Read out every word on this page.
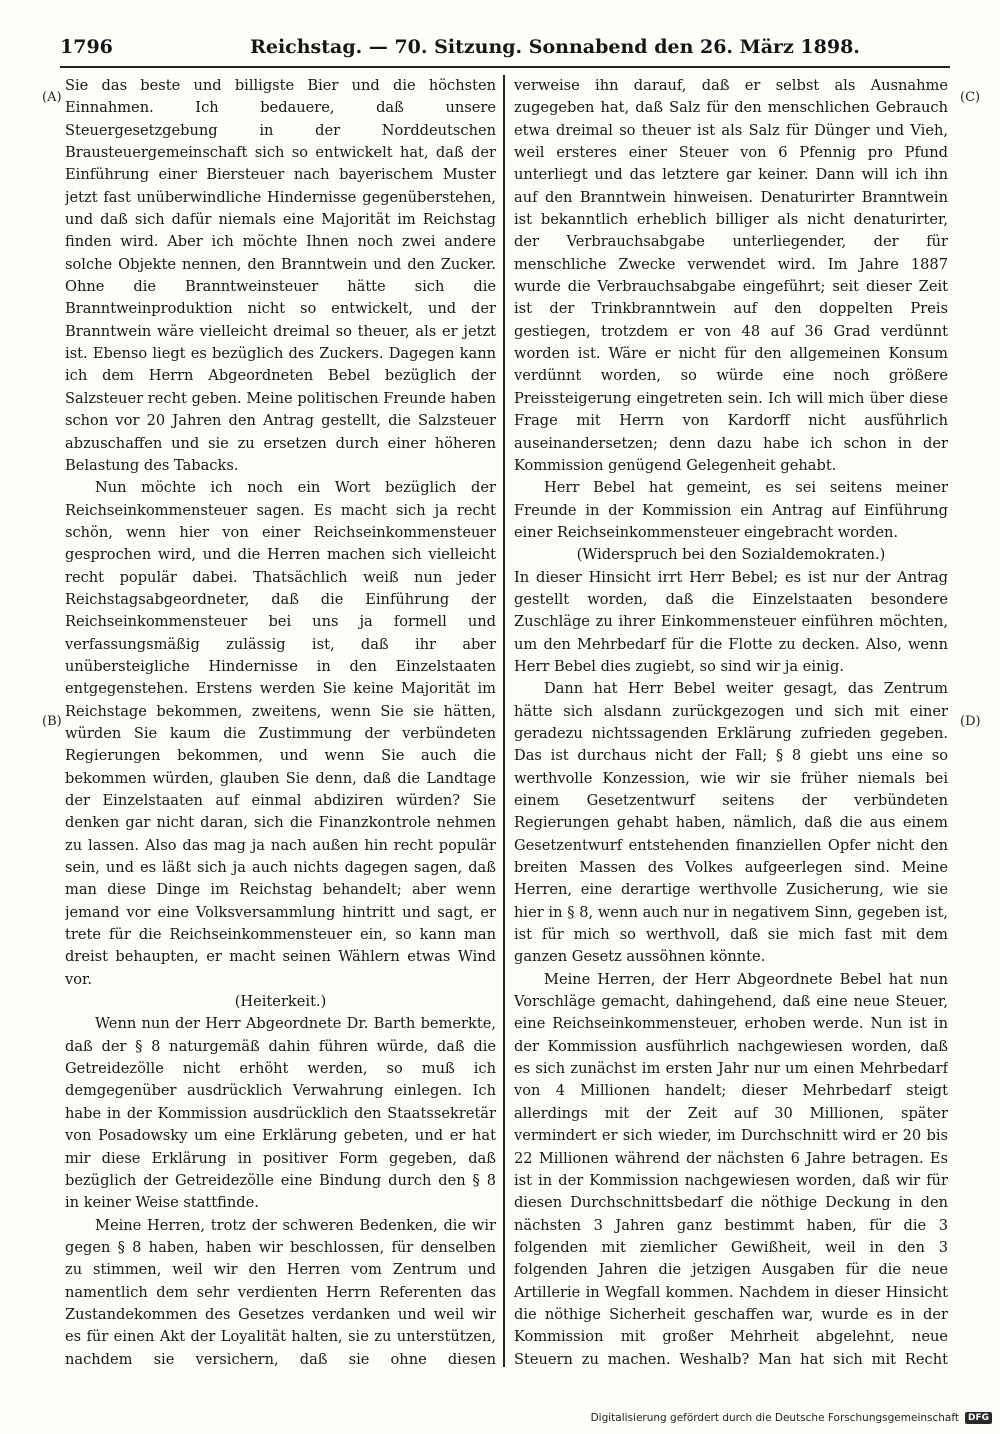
1796	Reichstag. — 70. Sitzung. Sonnabend den 26. März 1898.
(A)
(B)
(C)
(D)

Sie das beste und billigste Bier und die höchsten Einnahmen. Ich bedauere, daß unsere Steuergesetzgebung in der Norddeutschen Brausteuergemeinschaft sich so entwickelt hat, daß der Einführung einer Biersteuer nach bayerischem Muster jetzt fast unüberwindliche Hindernisse gegenüberstehen, und daß sich dafür niemals eine Majorität im Reichstag finden wird. Aber ich möchte Ihnen noch zwei andere solche Objekte nennen, den Branntwein und den Zucker. Ohne die Branntweinsteuer hätte sich die Branntweinproduktion nicht so entwickelt, und der Branntwein wäre vielleicht dreimal so theuer, als er jetzt ist. Ebenso liegt es bezüglich des Zuckers. Dagegen kann ich dem Herrn Abgeordneten Bebel bezüglich der Salzsteuer recht geben. Meine politischen Freunde haben schon vor 20 Jahren den Antrag gestellt, die Salzsteuer abzuschaffen und sie zu ersetzen durch einer höheren Belastung des Tabacks.

Nun möchte ich noch ein Wort bezüglich der Reichseinkommensteuer sagen. Es macht sich ja recht schön, wenn hier von einer Reichseinkommensteuer gesprochen wird, und die Herren machen sich vielleicht recht populär dabei. Thatsächlich weiß nun jeder Reichstagsabgeordneter, daß die Einführung der Reichseinkommensteuer bei uns ja formell und verfassungsmäßig zulässig ist, daß ihr aber unübersteigliche Hindernisse in den Einzelstaaten entgegenstehen. Erstens werden Sie keine Majorität im Reichstage bekommen, zweitens, wenn Sie sie hätten, würden Sie kaum die Zustimmung der verbündeten Regierungen bekommen, und wenn Sie auch die bekommen würden, glauben Sie denn, daß die Landtage der Einzelstaaten auf einmal abdiziren würden? Sie denken gar nicht daran, sich die Finanzkontrole nehmen zu lassen. Also das mag ja nach außen hin recht populär sein, und es läßt sich ja auch nichts dagegen sagen, daß man diese Dinge im Reichstag behandelt; aber wenn jemand vor eine Volksversammlung hintritt und sagt, er trete für die Reichseinkommensteuer ein, so kann man dreist behaupten, er macht seinen Wählern etwas Wind vor.

(Heiterkeit.)

Wenn nun der Herr Abgeordnete Dr. Barth bemerkte, daß der § 8 naturgemäß dahin führen würde, daß die Getreidezölle nicht erhöht werden, so muß ich demgegenüber ausdrücklich Verwahrung einlegen. Ich habe in der Kommission ausdrücklich den Staatssekretär von Posadowsky um eine Erklärung gebeten, und er hat mir diese Erklärung in positiver Form gegeben, daß bezüglich der Getreidezölle eine Bindung durch den § 8 in keiner Weise stattfinde.

Meine Herren, trotz der schweren Bedenken, die wir gegen § 8 haben, haben wir beschlossen, für denselben zu stimmen, weil wir den Herren vom Zentrum und namentlich dem sehr verdienten Herrn Referenten das Zustandekommen des Gesetzes verdanken und weil wir es für einen Akt der Loyalität halten, sie zu unterstützen, nachdem sie versichern, daß sie ohne diesen

verweise ihn darauf, daß er selbst als Ausnahme zugegeben hat, daß Salz für den menschlichen Gebrauch etwa dreimal so theuer ist als Salz für Dünger und Vieh, weil ersteres einer Steuer von 6 Pfennig pro Pfund unterliegt und das letztere gar keiner. Dann will ich ihn auf den Branntwein hinweisen. Denaturirter Branntwein ist bekanntlich erheblich billiger als nicht denaturirter, der Verbrauchsabgabe unterliegender, der für menschliche Zwecke verwendet wird. Im Jahre 1887 wurde die Verbrauchsabgabe eingeführt; seit dieser Zeit ist der Trinkbranntwein auf den doppelten Preis gestiegen, trotzdem er von 48 auf 36 Grad verdünnt worden ist. Wäre er nicht für den allgemeinen Konsum verdünnt worden, so würde eine noch größere Preissteigerung eingetreten sein. Ich will mich über diese Frage mit Herrn von Kardorff nicht ausführlich auseinandersetzen; denn dazu habe ich schon in der Kommission genügend Gelegenheit gehabt.

Herr Bebel hat gemeint, es sei seitens meiner Freunde in der Kommission ein Antrag auf Einführung einer Reichseinkommensteuer eingebracht worden.

(Widerspruch bei den Sozialdemokraten.)

In dieser Hinsicht irrt Herr Bebel; es ist nur der Antrag gestellt worden, daß die Einzelstaaten besondere Zuschläge zu ihrer Einkommensteuer einführen möchten, um den Mehrbedarf für die Flotte zu decken. Also, wenn Herr Bebel dies zugiebt, so sind wir ja einig.

Dann hat Herr Bebel weiter gesagt, das Zentrum hätte sich alsdann zurückgezogen und sich mit einer geradezu nichtssagenden Erklärung zufrieden gegeben. Das ist durchaus nicht der Fall; § 8 giebt uns eine so werthvolle Konzession, wie wir sie früher niemals bei einem Gesetzentwurf seitens der verbündeten Regierungen gehabt haben, nämlich, daß die aus einem Gesetzentwurf entstehenden finanziellen Opfer nicht den breiten Massen des Volkes aufgeerlegen sind. Meine Herren, eine derartige werthvolle Zusicherung, wie sie hier in § 8, wenn auch nur in negativem Sinn, gegeben ist, ist für mich so werthvoll, daß sie mich fast mit dem ganzen Gesetz aussöhnen könnte.

Meine Herren, der Herr Abgeordnete Bebel hat nun Vorschläge gemacht, dahingehend, daß eine neue Steuer, eine Reichseinkommensteuer, erhoben werde. Nun ist in der Kommission ausführlich nachgewiesen worden, daß es sich zunächst im ersten Jahr nur um einen Mehrbedarf von 4 Millionen handelt; dieser Mehrbedarf steigt allerdings mit der Zeit auf 30 Millionen, später vermindert er sich wieder, im Durchschnitt wird er 20 bis 22 Millionen während der nächsten 6 Jahre betragen. Es ist in der Kommission nachgewiesen worden, daß wir für diesen Durchschnittsbedarf die nöthige Deckung in den nächsten 3 Jahren ganz bestimmt haben, für die 3 folgenden mit ziemlicher Gewißheit, weil in den 3 folgenden Jahren die jetzigen Ausgaben für die neue Artillerie in Wegfall kommen. Nachdem in dieser Hinsicht die nöthige Sicherheit geschaffen war, wurde es in der Kommission mit großer Mehrheit abgelehnt, neue Steuern zu machen. Weshalb? Man hat sich mit Recht

Digitalisierung gefördert durch die Deutsche Forschungsgemeinschaft	DFG
